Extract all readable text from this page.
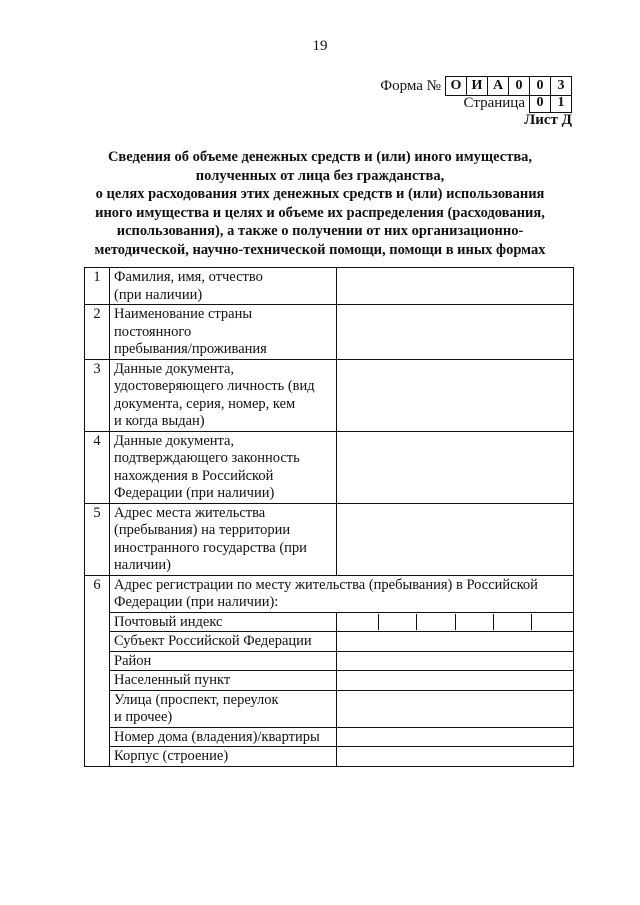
19
Форма № О И А 0	0	3
Страница 0	1
Лист Д
Сведения об объеме денежных средств и (или) иного имущества,
полученных от лица без гражданства,
о целях расходования этих денежных средств и (или) использования
иного имущества и целях и объеме их распределения (расходования,
использования), а также о получении от них организационно-
методической, научно-технической помощи, помощи в иных формах
1	Фамилия, имя, отчество
(при наличии)	

2	Наименование страны
постоянного
пребывания/проживания	

3	Данные документа,
удостоверяющего личность (вид
документа, серия, номер, кем
и когда выдан)	

4	Данные документа,
подтверждающего законность
нахождения в Российской
Федерации (при наличии)	

5	Адрес места жительства
(пребывания) на территории
иностранного государства (при
наличии)	

6	Адрес регистрации по месту жительства (пребывания) в Российской
Федерации (при наличии):	

	Почтовый индекс	

	Субъект Российской Федерации	

	Район	

	Населенный пункт	

	Улица (проспект, переулок
и прочее)	

	Номер дома (владения)/квартиры	

	Корпус (строение)	
